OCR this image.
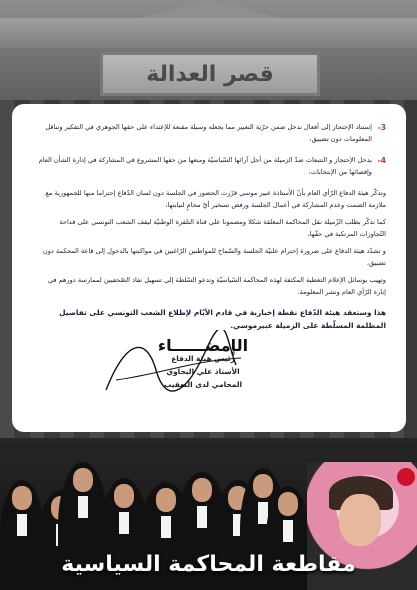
قصر العدالة
3-
إستناد الإحتجاز إلى أفعال تدخل ضمن حرّية التعبير مما يجعله وسيلة مقنعة للإعتداء على حقها الجوهري في التفكير وتناقل المعلومات دون تضييق،
4-
يدخل الإحتجاز و التتبعات ضدّ الزميلة من أجل آرائها السّياسيّة ومنعها من حقها المشروع في المشاركة في إدارة الشأن العام وإقصائها من الإنتخابات،

وتذكّر هيئة الدفاع الرّأي العام بأنّ الأستاذة عبير موسي قرّرت الحضور في الجلسة دون لسان الدّفاع إحتراما منها للجمهورية مع ملازمة الصمت وعدم المشاركة في أعمال الجلسة ورفض تسخير أيّ محامٍ لنيابتها،

كما تذكّر بطلب الزّميلة نقل المحاكمة المغلقة شكلا ومضمونا على قناة التلفزة الوطنيّة ليقف الشعب التونسي على فداحة التّجاوزات المرتكبة في حقّها،

و تشدّد هيئة الدفاع على ضرورة إحترام علنيّة الجلسة والسّماح للمواطنين الرّاغبين في مواكبتها بالدخول إلى قاعة المحكمة دون تضييق،

وتهيب بوسائل الإعلام التغطية المكثفة لهذه المحاكمة السّياسيّة وتدعو السّلطة إلى تسهيل نفاذ الصّحفيين لممارسة دورهم في إنارة الرّأي العام ونشر المعلومة.

هذا وستعقد هيئة الدّفاع نقطة إخبارية في قادم الأيّام لإطلاع الشعب التونسي على تفاصيل المظلمة المسلّطة على الزميلة عبيرموسي.

الإمضــــــاء
رئيس هيئة الدفاع
الأستاذ علي البجاوي
المحامي لدى التعقيب
مقاطعة المحاكمة السياسية
